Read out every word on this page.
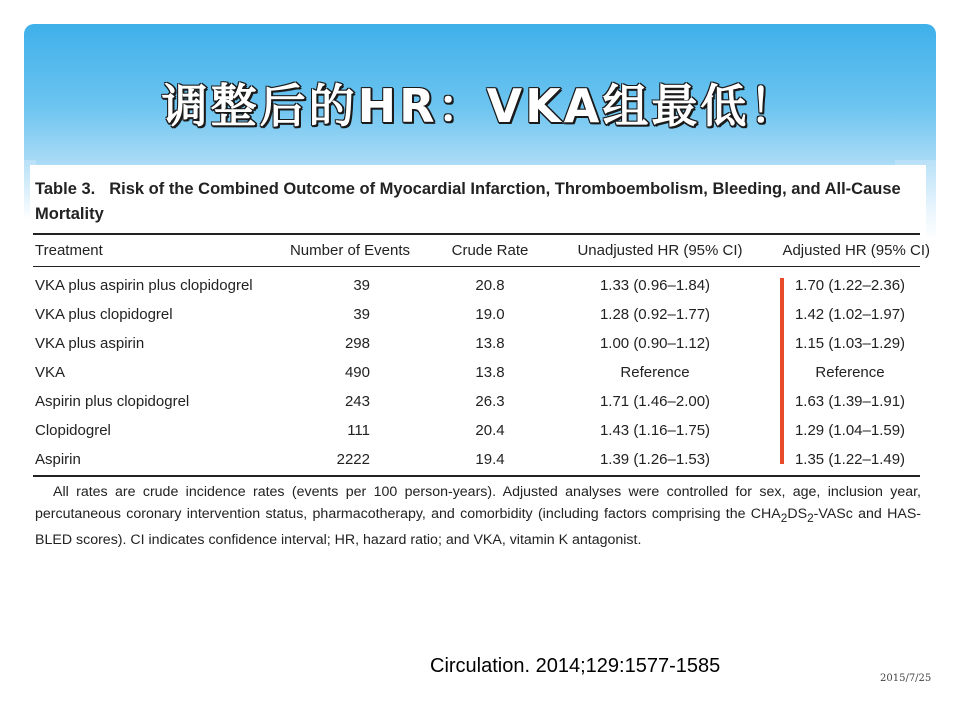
调整后的HR：VKA组最低！
Table 3. Risk of the Combined Outcome of Myocardial Infarction, Thromboembolism, Bleeding, and All-Cause Mortality
Treatment	Number of Events	Crude Rate	Unadjusted HR (95% CI)	Adjusted HR (95% CI)
VKA plus aspirin plus clopidogrel	39	20.8	1.33 (0.96–1.84)	1.70 (1.22–2.36)
VKA plus clopidogrel	39	19.0	1.28 (0.92–1.77)	1.42 (1.02–1.97)
VKA plus aspirin	298	13.8	1.00 (0.90–1.12)	1.15 (1.03–1.29)
VKA	490	13.8	Reference	Reference
Aspirin plus clopidogrel	243	26.3	1.71 (1.46–2.00)	1.63 (1.39–1.91)
Clopidogrel	111	20.4	1.43 (1.16–1.75)	1.29 (1.04–1.59)
Aspirin	2222	19.4	1.39 (1.26–1.53)	1.35 (1.22–1.49)
All rates are crude incidence rates (events per 100 person-years). Adjusted analyses were controlled for sex, age, inclusion year, percutaneous coronary intervention status, pharmacotherapy, and comorbidity (including factors comprising the $CHA_2DS_2$-VASc and HAS-BLED scores). CI indicates confidence interval; HR, hazard ratio; and VKA, vitamin K antagonist.
Circulation. 2014;129:1577-1585
2015/7/25
